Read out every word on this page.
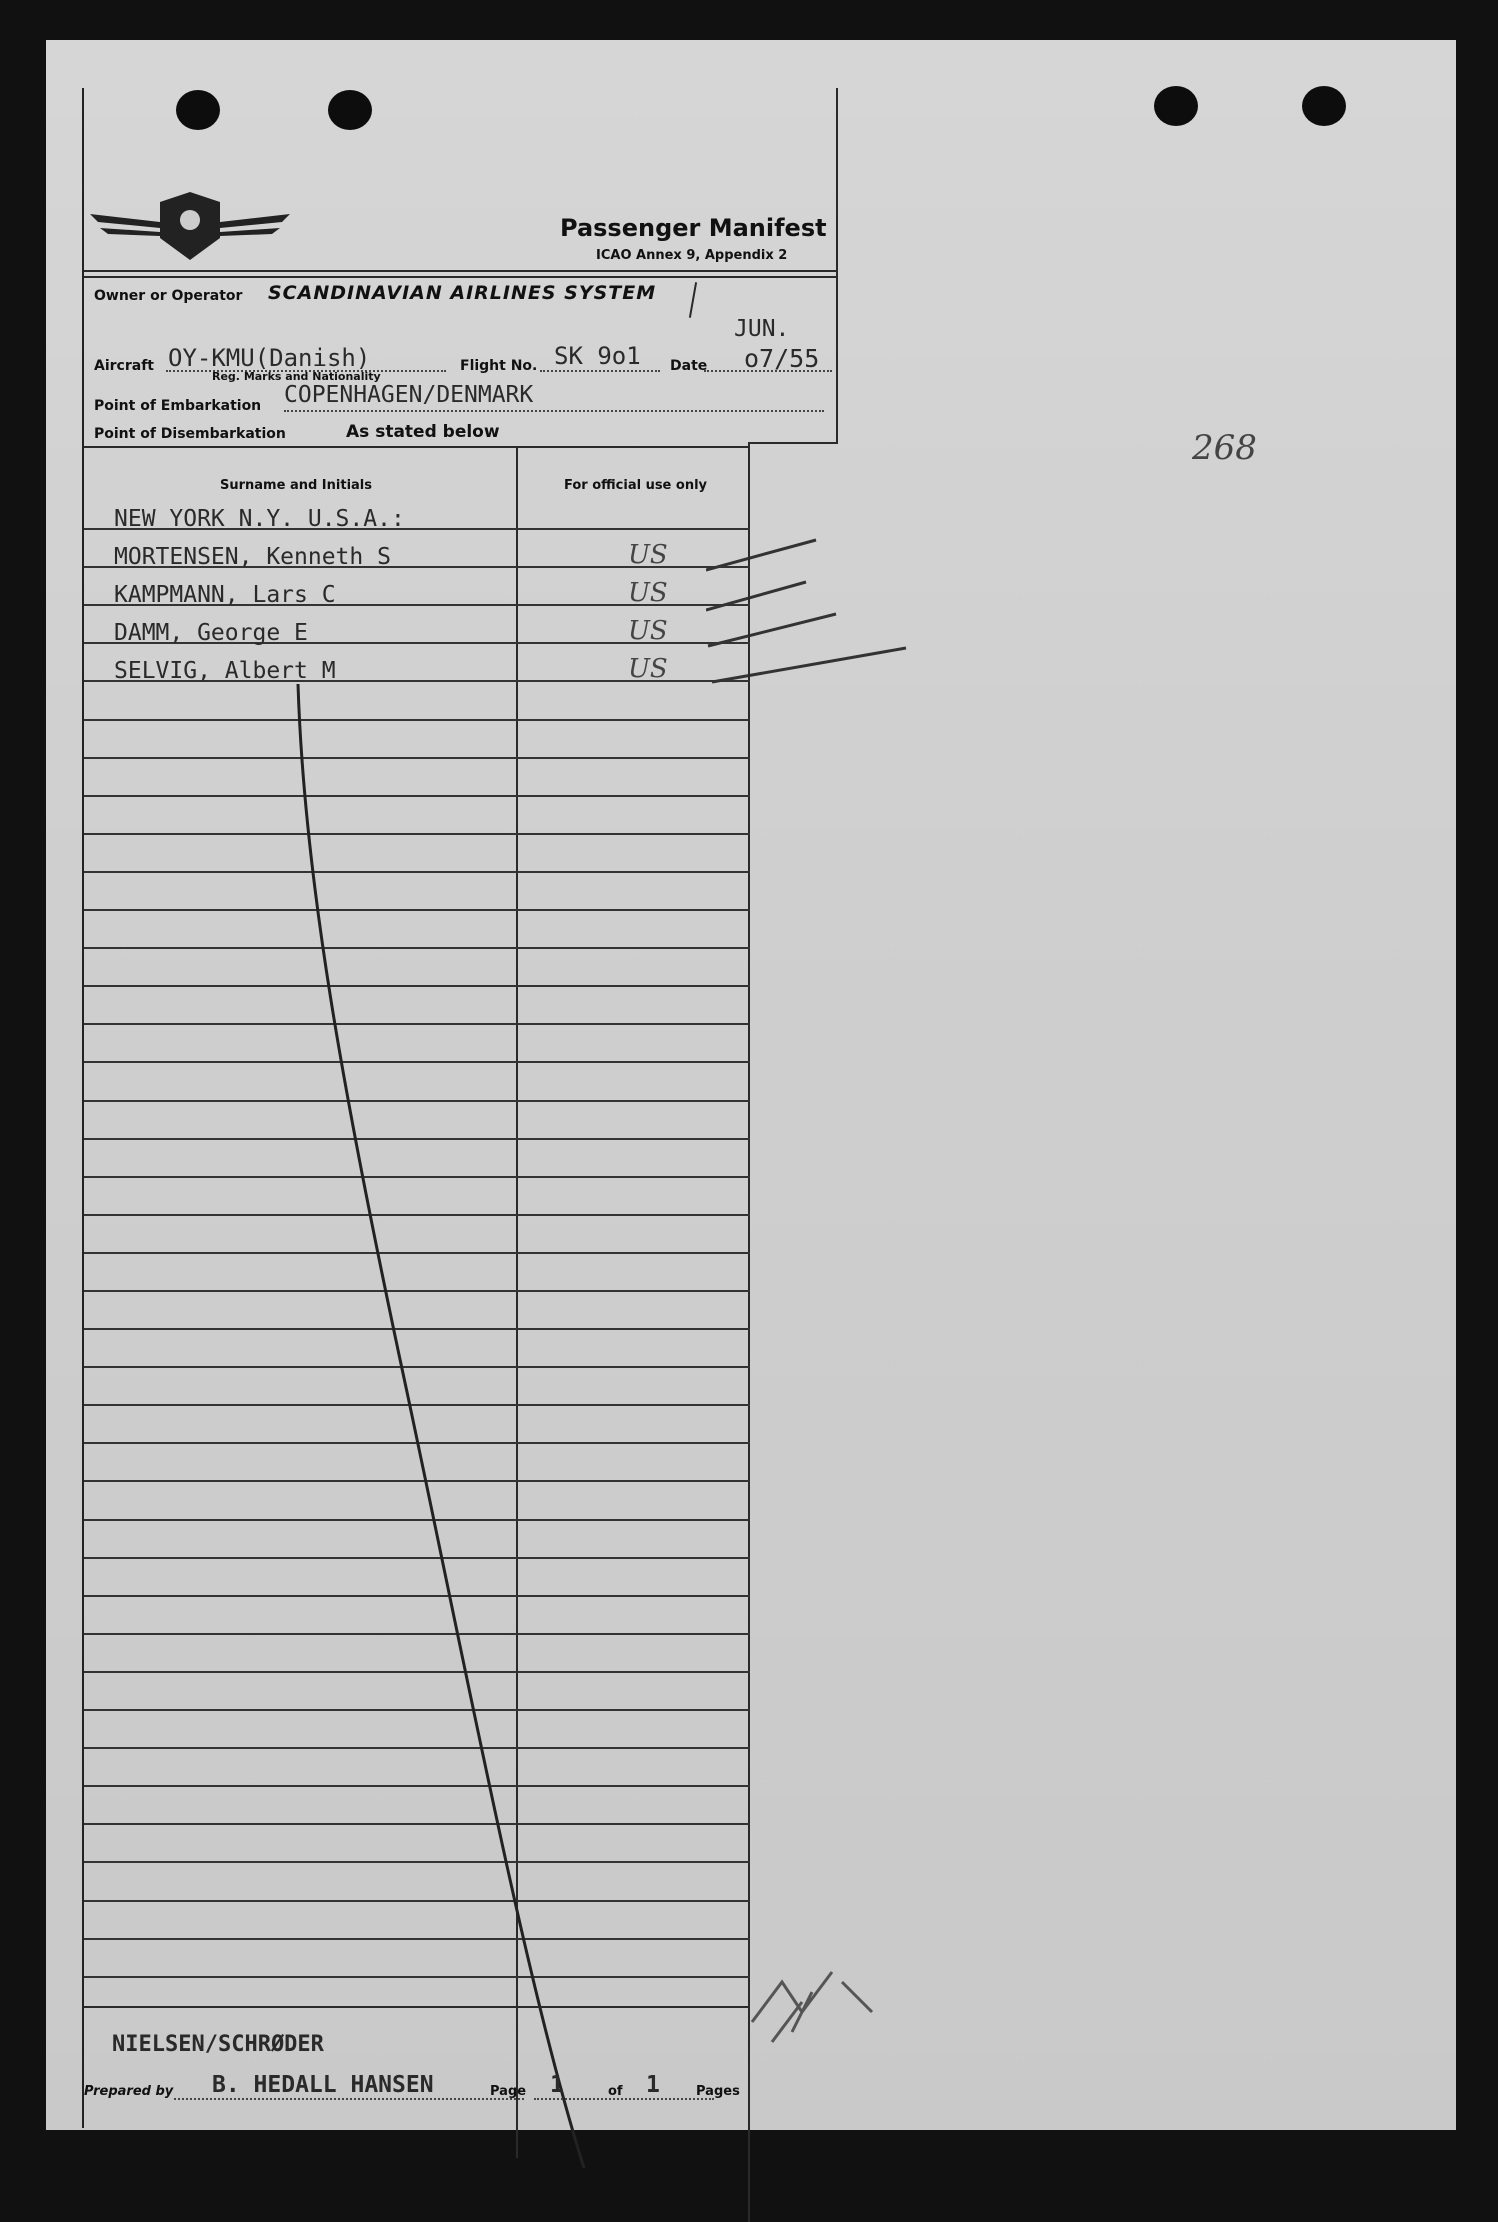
268
Passenger Manifest
ICAO Annex 9, Appendix 2
Owner or Operator SCANDINAVIAN AIRLINES SYSTEM
JUN.
Aircraft OY-KMU(Danish)
Reg. Marks and Nationality
Flight No. SK 9o1 Date o7/55
Point of Embarkation COPENHAGEN/DENMARK
Point of Disembarkation	As stated below
Surname and Initials	For official use only
NEW YORK N.Y. U.S.A.:
MORTENSEN, Kenneth S	US
KAMPMANN, Lars C	US
DAMM, George E	US
SELVIG, Albert M	US
NIELSEN/SCHRØDER
Prepared by B. HEDALL HANSEN	Page 1	of 1	Pages
